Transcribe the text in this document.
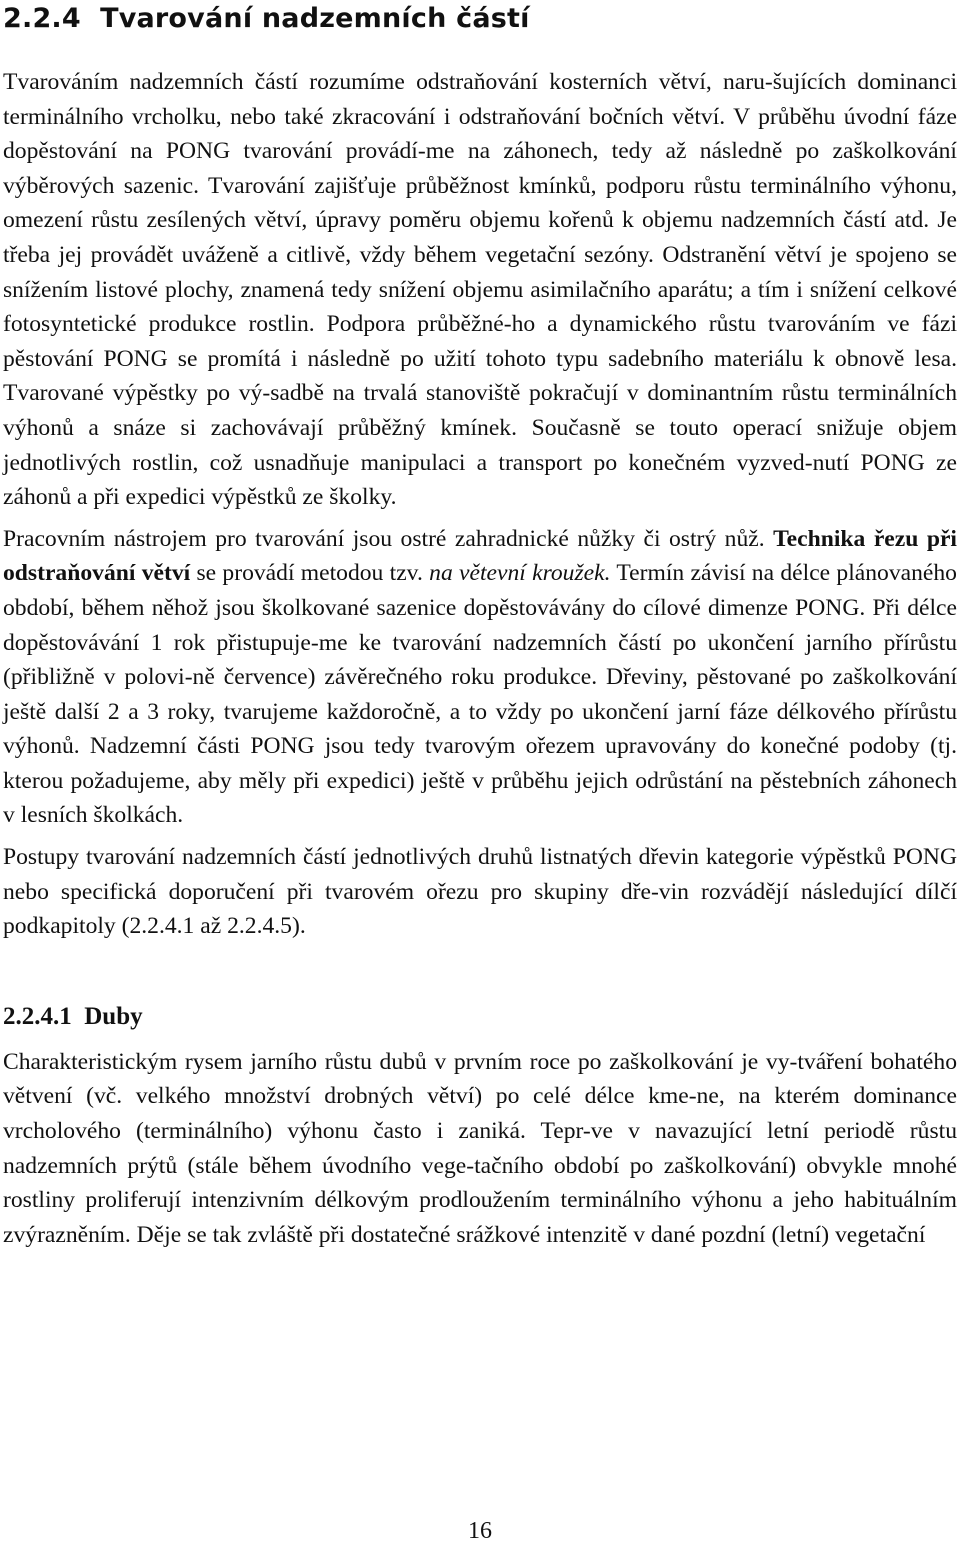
2.2.4 Tvarování nadzemních částí

Tvarováním nadzemních částí rozumíme odstraňování kosterních větví, naru-šujících dominanci terminálního vrcholku, nebo také zkracování i odstraňování bočních větví. V průběhu úvodní fáze dopěstování na PONG tvarování provádí-me na záhonech, tedy až následně po zaškolkování výběrových sazenic. Tvarování zajišťuje průběžnost kmínků, podporu růstu terminálního výhonu, omezení růstu zesílených větví, úpravy poměru objemu kořenů k objemu nadzemních částí atd. Je třeba jej provádět uváženě a citlivě, vždy během vegetační sezóny. Odstranění větví je spojeno se snížením listové plochy, znamená tedy snížení objemu asimilačního aparátu; a tím i snížení celkové fotosyntetické produkce rostlin. Podpora průběžné-ho a dynamického růstu tvarováním ve fázi pěstování PONG se promítá i následně po užití tohoto typu sadebního materiálu k obnově lesa. Tvarované výpěstky po vý-sadbě na trvalá stanoviště pokračují v dominantním růstu terminálních výhonů a snáze si zachovávají průběžný kmínek. Současně se touto operací snižuje objem jednotlivých rostlin, což usnadňuje manipulaci a transport po konečném vyzved-nutí PONG ze záhonů a při expedici výpěstků ze školky.

Pracovním nástrojem pro tvarování jsou ostré zahradnické nůžky či ostrý nůž. Technika řezu při odstraňování větví se provádí metodou tzv. na větevní kroužek. Termín závisí na délce plánovaného období, během něhož jsou školkované sazenice dopěstovávány do cílové dimenze PONG. Při délce dopěstovávání 1 rok přistupuje-me ke tvarování nadzemních částí po ukončení jarního přírůstu (přibližně v polovi-ně července) závěrečného roku produkce. Dřeviny, pěstované po zaškolkování ještě další 2 a 3 roky, tvarujeme každoročně, a to vždy po ukončení jarní fáze délkového přírůstu výhonů. Nadzemní části PONG jsou tedy tvarovým ořezem upravovány do konečné podoby (tj. kterou požadujeme, aby měly při expedici) ještě v průběhu jejich odrůstání na pěstebních záhonech v lesních školkách.

Postupy tvarování nadzemních částí jednotlivých druhů listnatých dřevin kategorie výpěstků PONG nebo specifická doporučení při tvarovém ořezu pro skupiny dře-vin rozvádějí následující dílčí podkapitoly (2.2.4.1 až 2.2.4.5).

2.2.4.1 Duby

Charakteristickým rysem jarního růstu dubů v prvním roce po zaškolkování je vy-tváření bohatého větvení (vč. velkého množství drobných větví) po celé délce kme-ne, na kterém dominance vrcholového (terminálního) výhonu často i zaniká. Tepr-ve v navazující letní periodě růstu nadzemních prýtů (stále během úvodního vege-tačního období po zaškolkování) obvykle mnohé rostliny proliferují intenzivním délkovým prodloužením terminálního výhonu a jeho habituálním zvýrazněním. Děje se tak zvláště při dostatečné srážkové intenzitě v dané pozdní (letní) vegetační

16
